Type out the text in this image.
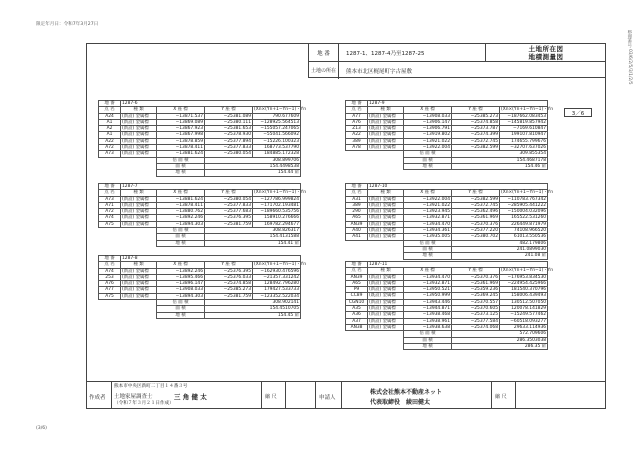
限定年月日：令和7年3月27日
整理番号 03/6/2/5/3/1/2/5
(3/6)
地 番	1287-1、1287-4乃至1287-25
土地所在図
地積測量図
土地の所在	熊本市北区梶尾町字古屋敷
3／6
地 番	1287-6			
点 名	種 類	X 座 標	Y 座 標	(Xn×(Yn+1−Yn−1)・Yn
A24	(新設) 金属標	−13871.537	−25381.089	790.677609
A1	(新設) 金属標	−13869.089	−25380.111	−128925.564513
A2	(新設) 金属標	−13867.923	−25381.653	−155057.247065
A1	(新設) 金属標	−13867.998	−25378.930	−55041.566092
A22	(新設) 金属標	−13878.859	−25377.894	−15226.100323
A72	(新設) 金属標	−13878.411	−25377.833	168773.537790
A73	(新設) 金属標	−13881.624	−25380.054	184885.172328
		倍 面 積	308.899706	
		面 積	154.4498538	
		地 積	154.44 ㎡	
地 番	1287-7			
点 名	種 類	X 座 標	Y 座 標	(Xn×(Yn+1−Yn−1)・Yn
A73	(新設) 金属標	−13881.624	−25380.054	−127786.999824
A71	(新設) 金属標	−13878.411	−25377.833	−171702.193481
A72	(新設) 金属標	−13880.762	−25377.683	−189660.535756
A74	(新設) 金属標	−13892.246	−25376.395	158910.276666
A75	(新設) 金属標	−13894.303	−25381.759	169782.294677
		倍 面 積	308.826317	
		面 積	154.4131588	
		地 積	154.41 ㎡	
地 番	1287-8			
点 名	種 類	X 座 標	Y 座 標	(Xn×(Yn+1−Yn−1)・Yn
A74	(新設) 金属標	−13892.246	−25376.395	−162930.476596
253	(新設) 金属標	−13895.466	−25376.033	−21357.331242
A76	(新設) 金属標	−13896.147	−25374.858	128492.796280
A77	(新設) 金属標	−13908.033	−25385.273	179427.533733
A75	(新設) 金属標	−13894.303	−25381.759	−123352.522034
		倍 面 積	308.902141	
		面 積	154.4510705	
		地 積	154.45 ㎡	
地 番	1287-9			
点 名	種 類	X 座 標	Y 座 標	(Xn×(Yn+1−Yn−1)・Yn
A77	(新設) 金属標	−13908.033	−25385.273	−187662.083453
A76	(新設) 金属標	−13906.147	−25374.858	−145819.857942
Z13	(既設) 金属標	−13906.791	−25373.787	−7169.610847
A22	(新設) 金属標	−13919.802	−25374.399	199107.810947
389	(新設) 金属標	−13921.022	−25372.745	174655.799676
A78	(新設) 金属標	−13922.004	−25382.599	−32707.637026
		倍 面 積	309.855354	
		面 積	154.4687178	
		地 積	154.46 ㎡	
地 番	1287-10			
点 名	種 類	X 座 標	Y 座 標	(Xn×(Yn+1−Yn−1)・Yn
A31	(新設) 金属標	−13922.004	−25382.599	−110783.767342
389	(新設) 金属標	−13921.022	−25372.745	−285905.441222
290	(新設) 金属標	−13923.945	−25362.496	−150004.032096
A65	(新設) 金属標	−13932.871	−25361.969	165522.531260
AN39	(新設) 金属標	−13934.470	−25370.376	226449.871979
A40	(新設) 金属標	−13934.361	−25377.220	74108.966520
A41	(新設) 金属標	−13935.005	−25380.702	61013.550536
		倍 面 積	482.179806	
		面 積	241.0899030	
		地 積	241.08 ㎡	
地 番	1287-11			
点 名	種 類	X 座 標	Y 座 標	(Xn×(Yn+1−Yn−1)・Yn
AN39	(新設) 金属標	−13934.470	−25370.376	−176953.834530
A65	(新設) 金属標	−13932.871	−25361.969	−224954.425966
P9	(新設) 金属標	−13950.521	−25359.236	181540.370796
CC89	(既設) 金属標	−13950.999	−25369.245	158006.439493
CGN10	(新設) 金属標	−13943.446	−25370.557	130512.507050
A35	(新設) 金属標	−13944.871	−25370.605	120078.141829
A36	(新設) 金属標	−13938.468	−25373.125	−15249.577462
A37	(新設) 金属標	−13938.961	−25377.584	−60518.093277
AN38	(新設) 金属標	−13938.638	−25374.068	29633.114936
		倍 面 積	572.709606	
		面 積	286.3503038	
		地 積	286.35 ㎡	
作成者
熊本市中央区新町二丁目１４番３号
土地家屋調査士	三 角 健 太
（令和７年３月２１日作成）
縮 尺	申請人
株式会社熊本不動産ネット
代表取締役　綾田健太
縮 尺
